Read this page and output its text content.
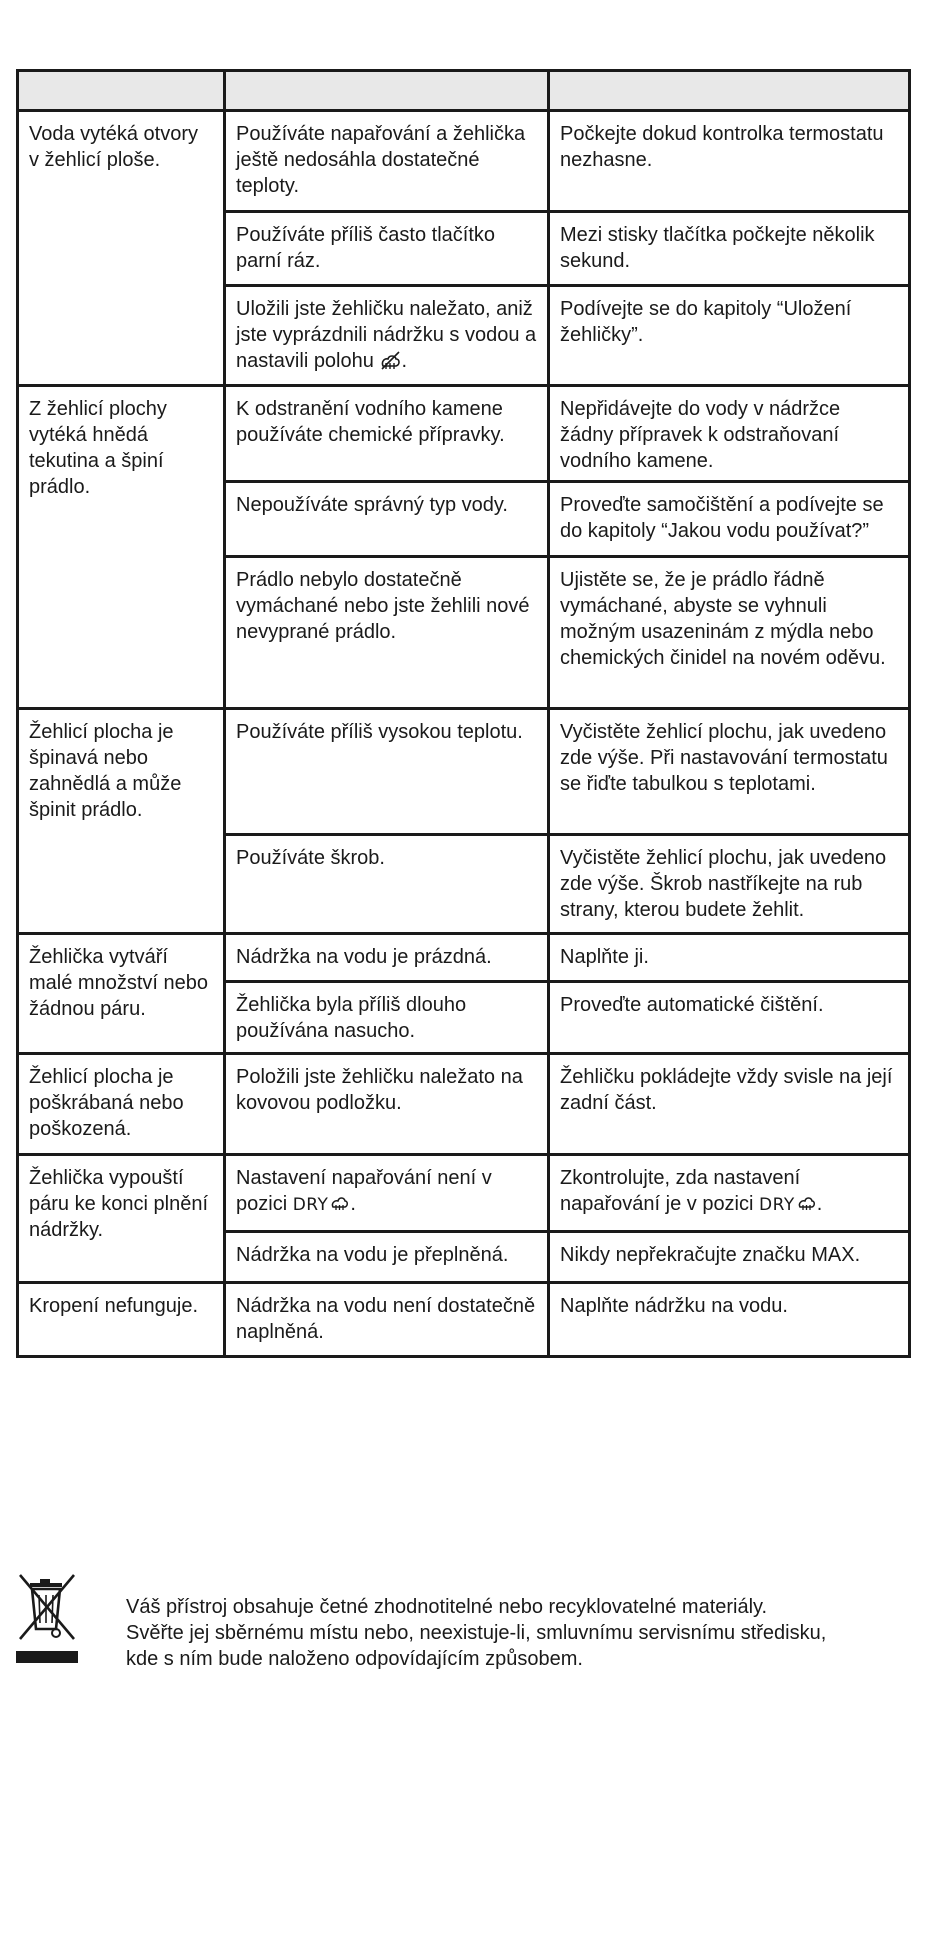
Voda vytéká otvory v žehlicí ploše.	Používáte napařování a žehlička ještě nedosáhla dostatečné teploty.	Počkejte dokud kontrolka termostatu nezhasne.
	Používáte příliš často tlačítko parní ráz.	Mezi stisky tlačítka počkejte několik sekund.
	Uložili jste žehličku naležato, aniž jste vyprázdnili nádržku s vodou a nastavili polohu .	Podívejte se do kapitoly “Uložení žehličky”.
Z žehlicí plochy vytéká hnědá tekutina a špiní prádlo.	K odstranění vodního kamene používáte chemické přípravky.	Nepřidávejte do vody v nádržce žádny přípravek k odstraňovaní vodního kamene.
	Nepoužíváte správný typ vody.	Proveďte samočištění a podívejte se do kapitoly “Jakou vodu používat?”
	Prádlo nebylo dostatečně vymáchané nebo jste žehlili nové nevyprané prádlo.	Ujistěte se, že je prádlo řádně vymáchané, abyste se vyhnuli možným usazeninám z mýdla nebo chemických činidel na novém oděvu.
Žehlicí plocha je špinavá nebo zahnědlá a může špinit prádlo.	Používáte příliš vysokou teplotu.	Vyčistěte žehlicí plochu, jak uvedeno zde výše. Při nastavování termostatu se řiďte tabulkou s teplotami.
	Používáte škrob.	Vyčistěte žehlicí plochu, jak uvedeno zde výše. Škrob nastříkejte na rub strany, kterou budete žehlit.
Žehlička vytváří malé množství nebo žádnou páru.	Nádržka na vodu je prázdná.	Naplňte ji.
	Žehlička byla příliš dlouho používána nasucho.	Proveďte automatické čištění.
Žehlicí plocha je poškrábaná nebo poškozená.	Položili jste žehličku naležato na kovovou podložku.	Žehličku pokládejte vždy svisle na její zadní část.
Žehlička vypouští páru ke konci plnění nádržky.	Nastavení napařování není v pozici DRY .	Zkontrolujte, zda nastavení napařování je v pozici DRY .
	Nádržka na vodu je přeplněná.	Nikdy nepřekračujte značku MAX.
Kropení nefunguje.	Nádržka na vodu není dostatečně naplněná.	Naplňte nádržku na vodu.
Váš přístroj obsahuje četné zhodnotitelné nebo recyklovatelné materiály.
Svěřte jej sběrnému místu nebo, neexistuje-li, smluvnímu servisnímu středisku,
kde s ním bude naloženo odpovídajícím způsobem.
